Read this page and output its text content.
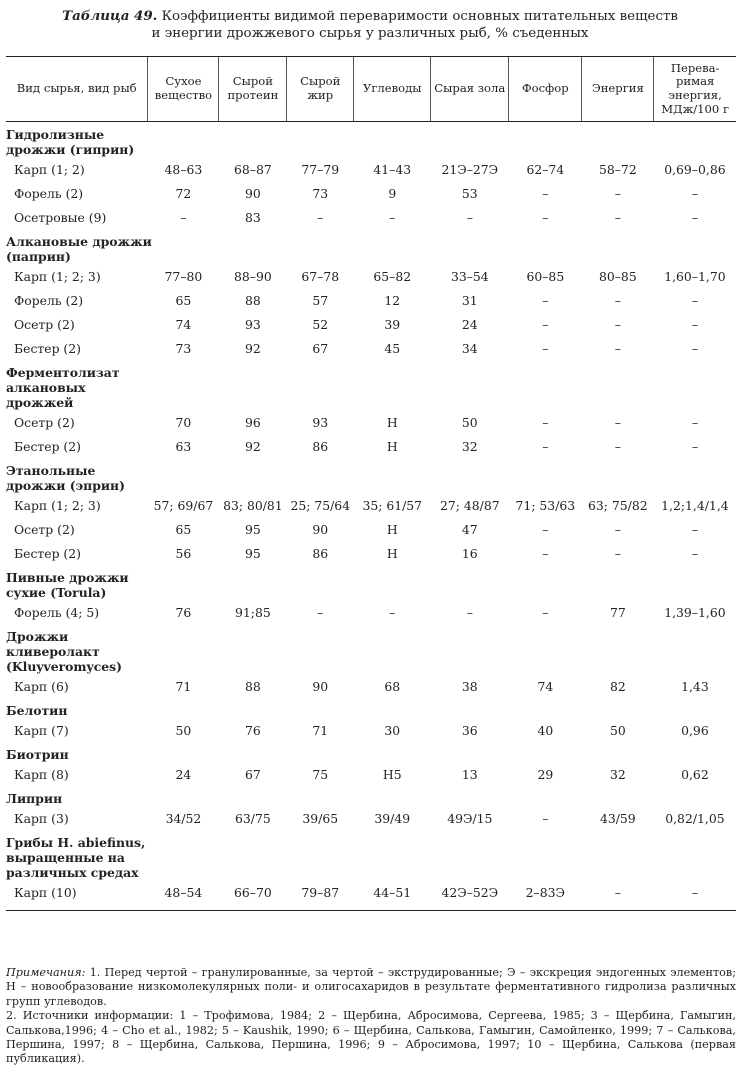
Таблица 49. Коэффициенты видимой переваримости основных питательных веществ
и энергии дрожжевого сырья у различных рыб, % съеденных
Вид сырья, вид рыб	Сухое вещество	Сырой протеин	Сырой жир	Углеводы	Сырая зола	Фосфор	Энергия	Перева-римая энергия, МДж/100 г

Гидролизные дрожжи (гиприн)								

Карп (1; 2)	48–63	68–87	77–79	41–43	21Э–27Э	62–74	58–72	0,69–0,86
Форель (2)	72	90	73	9	53	–	–	–
Осетровые (9)	–	83	–	–	–	–	–	–

Алкановые дрожжи (паприн)								

Карп (1; 2; 3)	77–80	88–90	67–78	65–82	33–54	60–85	80–85	1,60–1,70
Форель (2)	65	88	57	12	31	–	–	–
Осетр (2)	74	93	52	39	24	–	–	–
Бестер (2)	73	92	67	45	34	–	–	–

Ферментолизат алкановых дрожжей								

Осетр (2)	70	96	93	Н	50	–	–	–
Бестер (2)	63	92	86	Н	32	–	–	–

Этанольные дрожжи (эприн)								

Карп (1; 2; 3)	57; 69/67	83; 80/81	25; 75/64	35; 61/57	27; 48/87	71; 53/63	63; 75/82	1,2;1,4/1,4
Осетр (2)	65	95	90	Н	47	–	–	–
Бестер (2)	56	95	86	Н	16	–	–	–

Пивные дрожжи сухие (Torula)								

Форель (4; 5)	76	91;85	–	–	–	–	77	1,39–1,60

Дрожжи кливеролакт (Kluyveromyces)								

Карп (6)	71	88	90	68	38	74	82	1,43

Белотин								

Карп (7)	50	76	71	30	36	40	50	0,96

Биотрин								

Карп (8)	24	67	75	Н5	13	29	32	0,62

Липрин								

Карп (3)	34/52	63/75	39/65	39/49	49Э/15	–	43/59	0,82/1,05

Грибы H. abiefinus, выращенные на различных средах								

Карп (10)	48–54	66–70	79–87	44–51	42Э–52Э	2–83Э	–	–

Примечания: 1. Перед чертой – гранулированные, за чертой – экструдированные; Э – экскреция эндогенных элементов; Н – новообразование низкомолекулярных поли- и олигосахаридов в результате ферментативного гидролиза различных групп углеводов.

2. Источники информации: 1 – Трофимова, 1984; 2 – Щербина, Абросимова, Сергеева, 1985; 3 – Щербина, Гамыгин, Салькова,1996; 4 – Cho et al., 1982; 5 – Kaushik, 1990; 6 – Щербина, Салькова, Гамыгин, Самойленко, 1999; 7 – Салькова, Першина, 1997; 8 – Щербина, Салькова, Першина, 1996; 9 – Абросимова, 1997; 10 – Щербина, Салькова (первая публикация).
